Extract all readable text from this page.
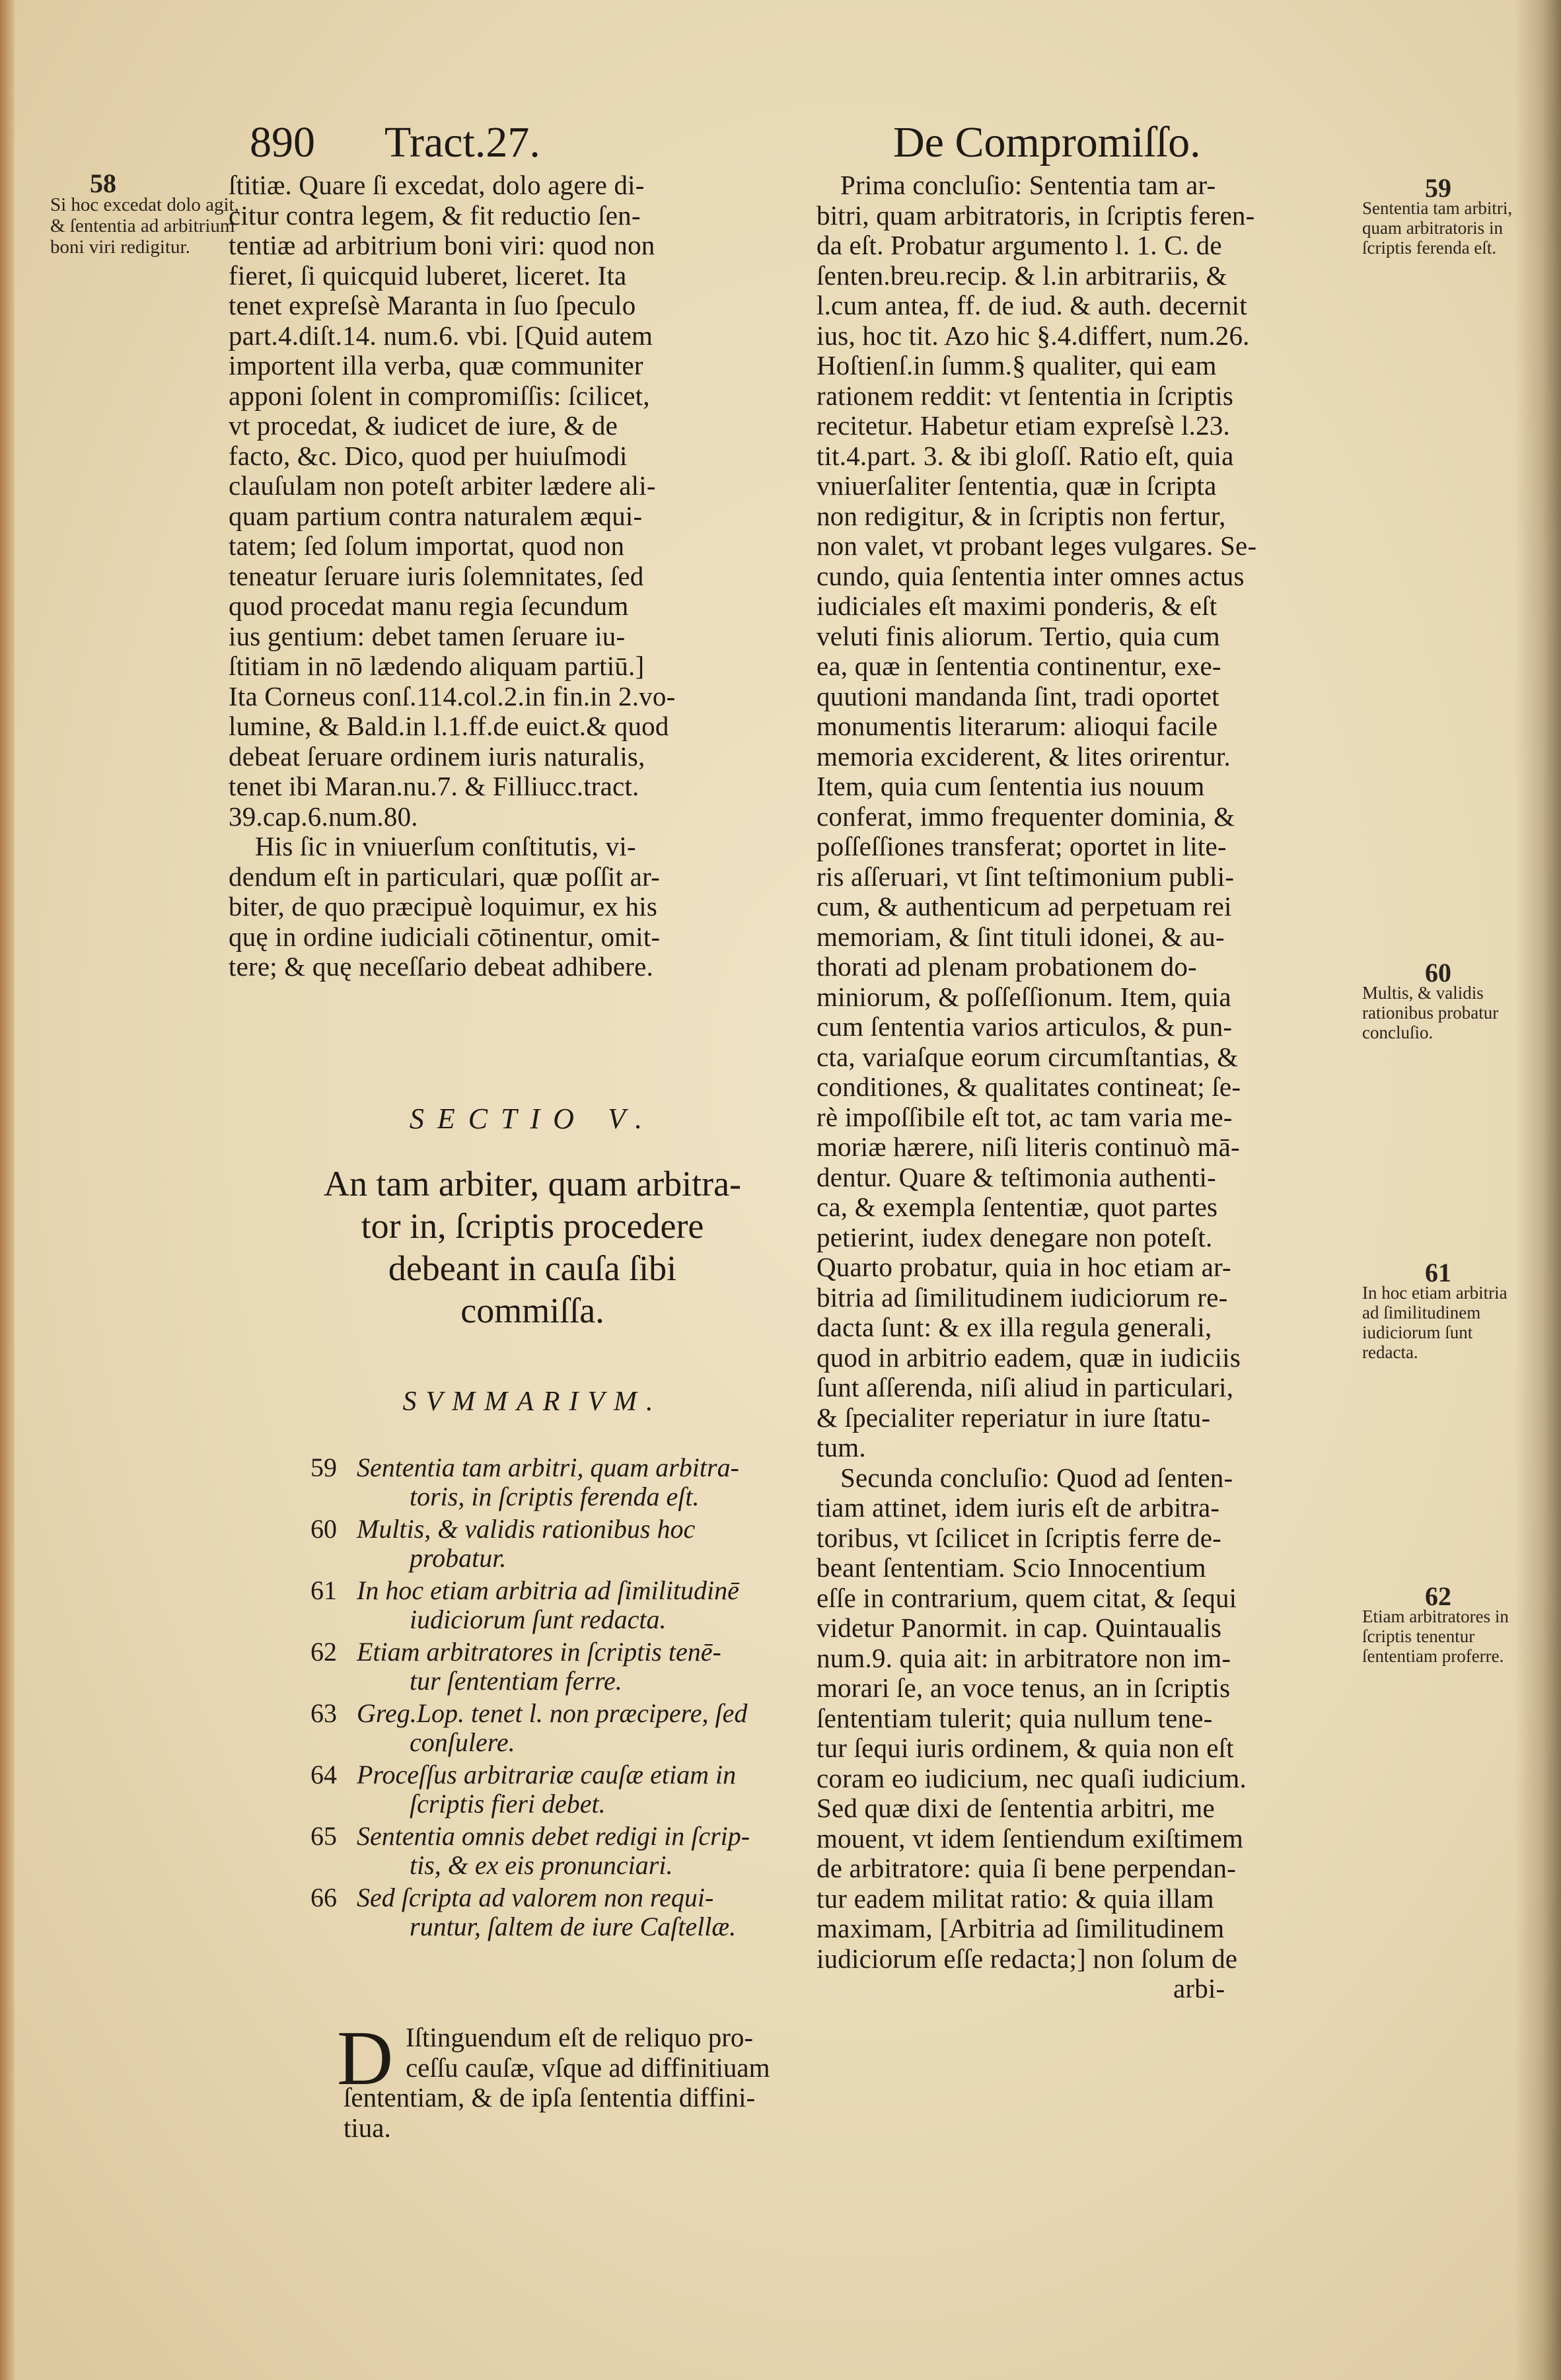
890 Tract.27.	De Compromiſſo.
58
Si hoc excedat dolo agit, & ſententia ad arbitrium boni viri redigitur.
ſtitiæ. Quare ſi excedat, dolo agere di-
citur contra legem, & fit reductio ſen-
tentiæ ad arbitrium boni viri: quod non
fieret, ſi quicquid luberet, liceret. Ita
tenet expreſsè Maranta in ſuo ſpeculo
part.4.diſt.14. num.6. vbi. [Quid autem
importent illa verba, quæ communiter
apponi ſolent in compromiſſis: ſcilicet,
vt procedat, & iudicet de iure, & de
facto, &c. Dico, quod per huiuſmodi
clauſulam non poteſt arbiter lædere ali-
quam partium contra naturalem æqui-
tatem; ſed ſolum importat, quod non
teneatur ſeruare iuris ſolemnitates, ſed
quod procedat manu regia ſecundum
ius gentium: debet tamen ſeruare iu-
ſtitiam in nō lædendo aliquam partiū.]
Ita Corneus conſ.114.col.2.in fin.in 2.vo-
lumine, & Bald.in l.1.ff.de euict.& quod
debeat ſeruare ordinem iuris naturalis,
tenet ibi Maran.nu.7. & Filliucc.tract.
39.cap.6.num.80.
His ſic in vniuerſum conſtitutis, vi-
dendum eſt in particulari, quæ poſſit ar-
biter, de quo præcipuè loquimur, ex his
quę in ordine iudiciali cōtinentur, omit-
tere; & quę neceſſario debeat adhibere.
SECTIO V.
An tam arbiter, quam arbitra-
tor in, ſcriptis procedere
debeant in cauſa ſibi
commiſſa.
SVMMARIVM.
59 Sententia tam arbitri, quam arbitra-
toris, in ſcriptis ferenda eſt.
60 Multis, & validis rationibus hoc
probatur.
61 In hoc etiam arbitria ad ſimilitudinē
iudiciorum ſunt redacta.
62 Etiam arbitratores in ſcriptis tenē-
tur ſententiam ferre.
63 Greg.Lop. tenet l. non præcipere, ſed
conſulere.
64 Proceſſus arbitrariæ cauſæ etiam in
ſcriptis fieri debet.
65 Sententia omnis debet redigi in ſcrip-
tis, & ex eis pronunciari.
66 Sed ſcripta ad valorem non requi-
runtur, ſaltem de iure Caſtellæ.
D Iſtinguendum eſt de reliquo pro-
ceſſu cauſæ, vſque ad diffinitiuam
ſententiam, & de ipſa ſententia diffini-
tiua.
Prima concluſio: Sententia tam ar-
bitri, quam arbitratoris, in ſcriptis feren-
da eſt. Probatur argumento l. 1. C. de
ſenten.breu.recip. & l.in arbitrariis, &
l.cum antea, ff. de iud. & auth. decernit
ius, hoc tit. Azo hic §.4.differt, num.26.
Hoſtienſ.in ſumm.§ qualiter, qui eam
rationem reddit: vt ſententia in ſcriptis
recitetur. Habetur etiam expreſsè l.23.
tit.4.part. 3. & ibi gloſſ. Ratio eſt, quia
vniuerſaliter ſententia, quæ in ſcripta
non redigitur, & in ſcriptis non fertur,
non valet, vt probant leges vulgares. Se-
cundo, quia ſententia inter omnes actus
iudiciales eſt maximi ponderis, & eſt
veluti finis aliorum. Tertio, quia cum
ea, quæ in ſententia continentur, exe-
quutioni mandanda ſint, tradi oportet
monumentis literarum: alioqui facile
memoria exciderent, & lites orirentur.
Item, quia cum ſententia ius nouum
conferat, immo frequenter dominia, &
poſſeſſiones transferat; oportet in lite-
ris aſſeruari, vt ſint teſtimonium publi-
cum, & authenticum ad perpetuam rei
memoriam, & ſint tituli idonei, & au-
thorati ad plenam probationem do-
miniorum, & poſſeſſionum. Item, quia
cum ſententia varios articulos, & pun-
cta, variaſque eorum circumſtantias, &
conditiones, & qualitates contineat; ſe-
rè impoſſibile eſt tot, ac tam varia me-
moriæ hærere, niſi literis continuò mā-
dentur. Quare & teſtimonia authenti-
ca, & exempla ſententiæ, quot partes
petierint, iudex denegare non poteſt.
Quarto probatur, quia in hoc etiam ar-
bitria ad ſimilitudinem iudiciorum re-
dacta ſunt: & ex illa regula generali,
quod in arbitrio eadem, quæ in iudiciis
ſunt aſſerenda, niſi aliud in particulari,
& ſpecialiter reperiatur in iure ſtatu-
tum.
Secunda concluſio: Quod ad ſenten-
tiam attinet, idem iuris eſt de arbitra-
toribus, vt ſcilicet in ſcriptis ferre de-
beant ſententiam. Scio Innocentium
eſſe in contrarium, quem citat, & ſequi
videtur Panormit. in cap. Quintaualis
num.9. quia ait: in arbitratore non im-
morari ſe, an voce tenus, an in ſcriptis
ſententiam tulerit; quia nullum tene-
tur ſequi iuris ordinem, & quia non eſt
coram eo iudicium, nec quaſi iudicium.
Sed quæ dixi de ſententia arbitri, me
mouent, vt idem ſentiendum exiſtimem
de arbitratore: quia ſi bene perpendan-
tur eadem militat ratio: & quia illam
maximam, [Arbitria ad ſimilitudinem
iudiciorum eſſe redacta;] non ſolum de
arbi-
59
Sententia tam arbitri, quam arbitratoris in ſcriptis ferenda eſt.
60
Multis, & validis rationibus probatur concluſio.
61
In hoc etiam arbitria ad ſimilitudinem iudiciorum ſunt redacta.
62
Etiam arbitratores in ſcriptis tenentur ſententiam proferre.
